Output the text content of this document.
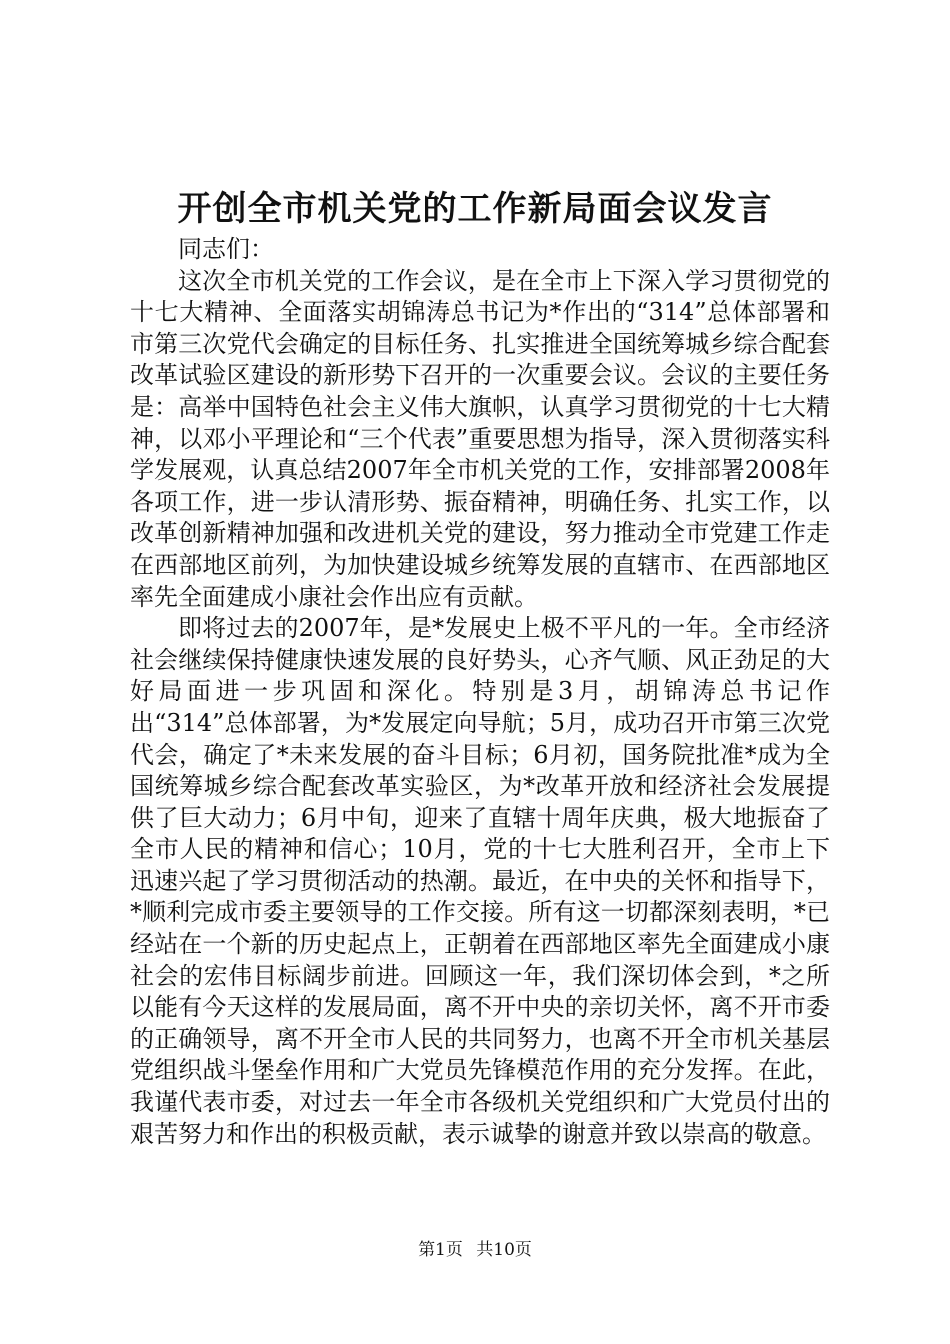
开创全市机关党的工作新局面会议发言

同志们：

这次全市机关党的工作会议，是在全市上下深入学习贯彻党的十七大精神、全面落实胡锦涛总书记为*作出的“314”总体部署和市第三次党代会确定的目标任务、扎实推进全国统筹城乡综合配套改革试验区建设的新形势下召开的一次重要会议。会议的主要任务是：高举中国特色社会主义伟大旗帜，认真学习贯彻党的十七大精神，以邓小平理论和“三个代表”重要思想为指导，深入贯彻落实科学发展观，认真总结2007年全市机关党的工作，安排部署2008年各项工作，进一步认清形势、振奋精神，明确任务、扎实工作，以改革创新精神加强和改进机关党的建设，努力推动全市党建工作走在西部地区前列，为加快建设城乡统筹发展的直辖市、在西部地区率先全面建成小康社会作出应有贡献。

即将过去的2007年，是*发展史上极不平凡的一年。全市经济社会继续保持健康快速发展的良好势头，心齐气顺、风正劲足的大好局面进一步巩固和深化。特别是3月，胡锦涛总书记作出“314”总体部署，为*发展定向导航；5月，成功召开市第三次党代会，确定了*未来发展的奋斗目标；6月初，国务院批准*成为全国统筹城乡综合配套改革实验区，为*改革开放和经济社会发展提供了巨大动力；6月中旬，迎来了直辖十周年庆典，极大地振奋了全市人民的精神和信心；10月，党的十七大胜利召开，全市上下迅速兴起了学习贯彻活动的热潮。最近，在中央的关怀和指导下，*顺利完成市委主要领导的工作交接。所有这一切都深刻表明，*已经站在一个新的历史起点上，正朝着在西部地区率先全面建成小康社会的宏伟目标阔步前进。回顾这一年，我们深切体会到，*之所以能有今天这样的发展局面，离不开中央的亲切关怀，离不开市委的正确领导，离不开全市人民的共同努力，也离不开全市机关基层党组织战斗堡垒作用和广大党员先锋模范作用的充分发挥。在此，我谨代表市委，对过去一年全市各级机关党组织和广大党员付出的艰苦努力和作出的积极贡献，表示诚挚的谢意并致以崇高的敬意。

第1页 共10页
